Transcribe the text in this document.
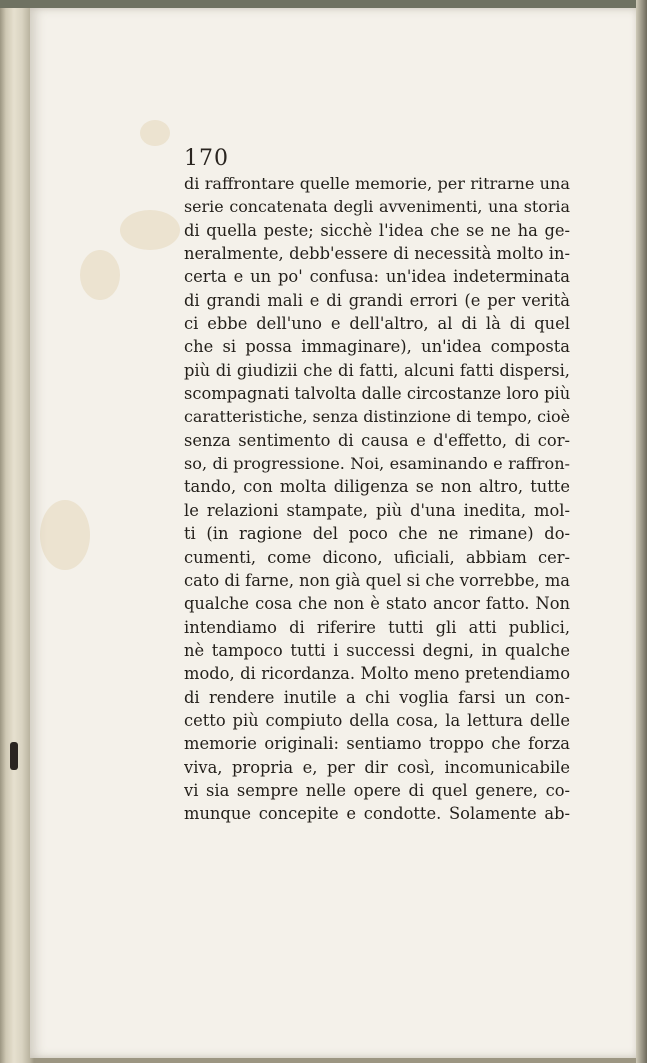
170
di raffrontare quelle memorie, per ritrarne una
serie concatenata degli avvenimenti, una storia
di quella peste; sicchè l'idea che se ne ha ge-
neralmente, debb'essere di necessità molto in-
certa e un po' confusa: un'idea indeterminata
di grandi mali e di grandi errori (e per verità
ci ebbe dell'uno e dell'altro, al di là di quel
che si possa immaginare), un'idea composta
più di giudizii che di fatti, alcuni fatti dispersi,
scompagnati talvolta dalle circostanze loro più
caratteristiche, senza distinzione di tempo, cioè
senza sentimento di causa e d'effetto, di cor-
so, di progressione. Noi, esaminando e raffron-
tando, con molta diligenza se non altro, tutte
le relazioni stampate, più d'una inedita, mol-
ti (in ragione del poco che ne rimane) do-
cumenti, come dicono, uficiali, abbiam cer-
cato di farne, non già quel si che vorrebbe, ma
qualche cosa che non è stato ancor fatto. Non
intendiamo di riferire tutti gli atti publici,
nè tampoco tutti i successi degni, in qualche
modo, di ricordanza. Molto meno pretendiamo
di rendere inutile a chi voglia farsi un con-
cetto più compiuto della cosa, la lettura delle
memorie originali: sentiamo troppo che forza
viva, propria e, per dir così, incomunicabile
vi sia sempre nelle opere di quel genere, co-
munque concepite e condotte. Solamente ab-
